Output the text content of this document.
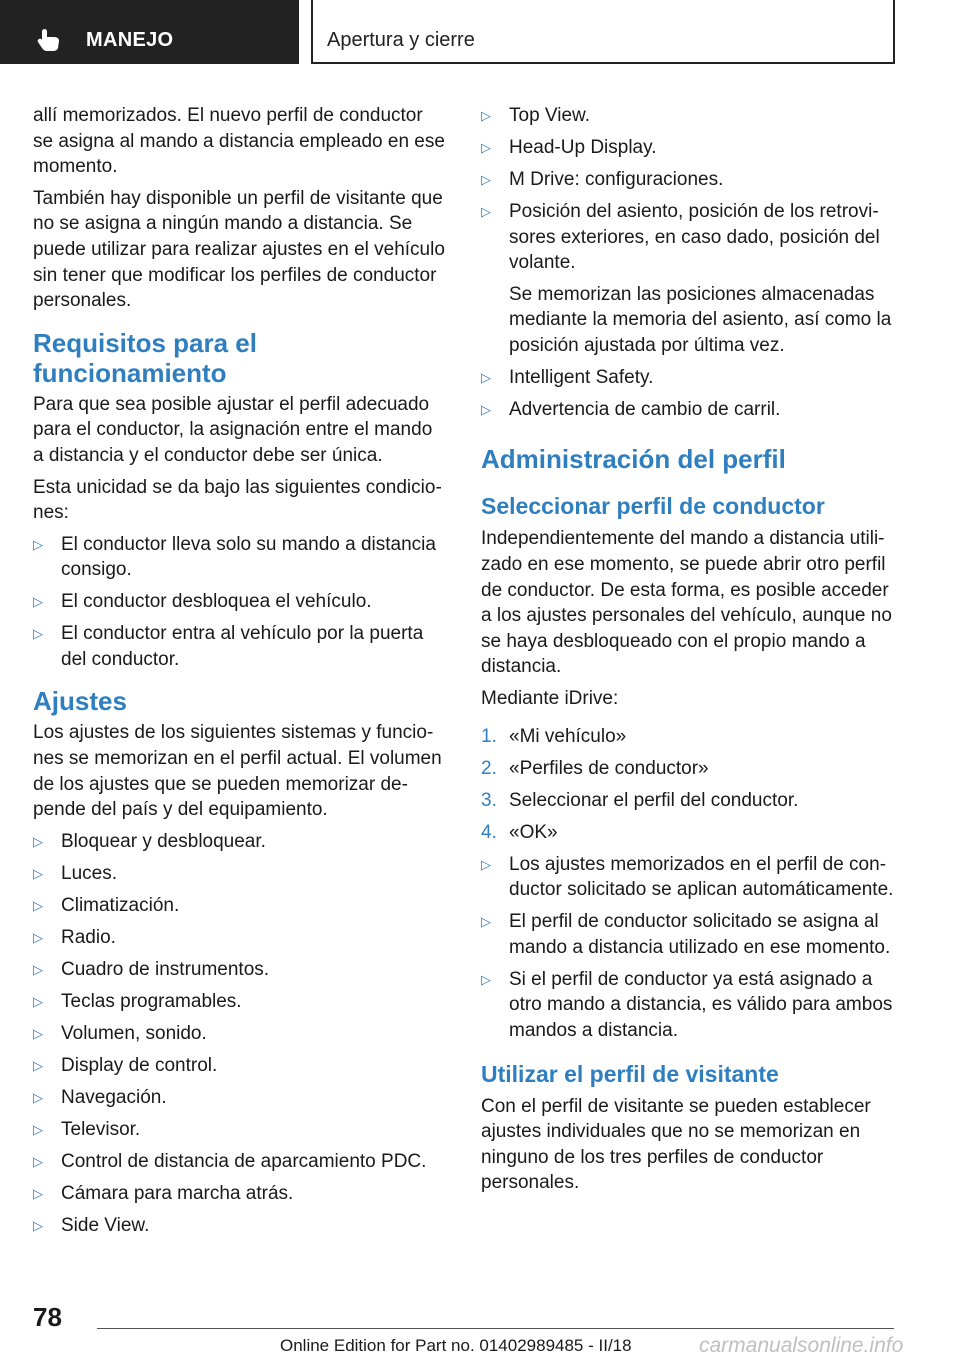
MANEJO	Apertura y cierre

allí memorizados. El nuevo perfil de conductor se asigna al mando a distancia empleado en ese momento.

También hay disponible un perfil de visitante que no se asigna a ningún mando a distancia. Se puede utilizar para realizar ajustes en el vehículo sin tener que modificar los perfiles de conductor personales.

Requisitos para el funcionamiento

Para que sea posible ajustar el perfil adecuado para el conductor, la asignación entre el mando a distancia y el conductor debe ser única.

Esta unicidad se da bajo las siguientes condiciones:

▷ El conductor lleva solo su mando a distancia consigo.
▷ El conductor desbloquea el vehículo.
▷ El conductor entra al vehículo por la puerta del conductor.
Ajustes

Los ajustes de los siguientes sistemas y funciones se memorizan en el perfil actual. El volumen de los ajustes que se pueden memorizar depende del país y del equipamiento.

▷ Bloquear y desbloquear.
▷ Luces.
▷ Climatización.
▷ Radio.
▷ Cuadro de instrumentos.
▷ Teclas programables.
▷ Volumen, sonido.
▷ Display de control.
▷ Navegación.
▷ Televisor.
▷ Control de distancia de aparcamiento PDC.
▷ Cámara para marcha atrás.
▷ Side View.
▷ Top View.
▷ Head-Up Display.
▷ M Drive: configuraciones.
▷ Posición del asiento, posición de los retrovisores exteriores, en caso dado, posición del volante.
Se memorizan las posiciones almacenadas mediante la memoria del asiento, así como la posición ajustada por última vez.
▷ Intelligent Safety.
▷ Advertencia de cambio de carril.
Administración del perfil
Seleccionar perfil de conductor

Independientemente del mando a distancia utilizado en ese momento, se puede abrir otro perfil de conductor. De esta forma, es posible acceder a los ajustes personales del vehículo, aunque no se haya desbloqueado con el propio mando a distancia.

Mediante iDrive:

1. «Mi vehículo»
2. «Perfiles de conductor»
3. Seleccionar el perfil del conductor.
4. «OK»
▷ Los ajustes memorizados en el perfil de conductor solicitado se aplican automáticamente.
▷ El perfil de conductor solicitado se asigna al mando a distancia utilizado en ese momento.
▷ Si el perfil de conductor ya está asignado a otro mando a distancia, es válido para ambos mandos a distancia.
Utilizar el perfil de visitante

Con el perfil de visitante se pueden establecer ajustes individuales que no se memorizan en ninguno de los tres perfiles de conductor personales.

78
Online Edition for Part no. 01402989485 - II/18	carmanualsonline.info
